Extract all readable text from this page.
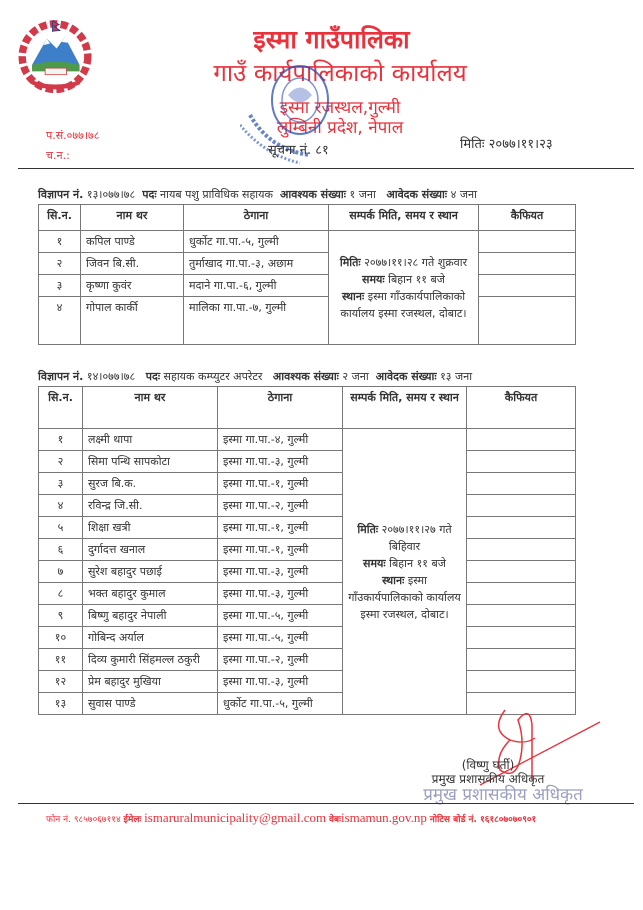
इस्मा गाउँपालिका
गाउँ कार्यपालिकाको कार्यालय
इस्मा रजस्थल,गुल्मी
लुम्बिनी प्रदेश, नेपाल
प.सं.०७७।७८
च.न.:	सूचना नं. ८१	मितिः २०७७।११।२३
विज्ञापन नं. १३।०७७।७८ पदः नायब पशु प्राविधिक सहायक आवश्यक संख्याः १ जना आवेदक संख्याः ४ जना
सि.न.	नाम थर	ठेगाना	सम्पर्क मिति, समय र स्थान	कैफियत
१	कपिल पाण्डे	धुर्कोट गा.पा.-५, गुल्मी	मितिः २०७७।११।२८ गते शुक्रवार
समयः बिहान ११ बजे
स्थानः इस्मा गाँउकार्यपालिकाको कार्यालय इस्मा रजस्थल, दोबाट।	
२	जिवन बि.सी.	तुर्माखाद गा.पा.-३, अछाम		
३	कृष्णा कुवंर	मदाने गा.पा.-६, गुल्मी		
४	गोपाल कार्की	मालिका गा.पा.-७, गुल्मी		
विज्ञापन नं. १४।०७७।७८ पदः सहायक कम्प्युटर अपरेटर आवश्यक संख्याः २ जना आवेदक संख्याः १३ जना
सि.न.	नाम थर	ठेगाना	सम्पर्क मिति, समय र स्थान	कैफियत
१	लक्ष्मी थापा	इस्मा गा.पा.-४, गुल्मी	मितिः २०७७।११।२७ गते बिहिवार
समयः बिहान ११ बजे
स्थानः इस्मा गाँउकार्यपालिकाको कार्यालय इस्मा रजस्थल, दोबाट।	
२	सिमा पन्थि सापकोटा	इस्मा गा.पा.-३, गुल्मी		
३	सुरज बि.क.	इस्मा गा.पा.-१, गुल्मी		
४	रविन्द्र जि.सी.	इस्मा गा.पा.-२, गुल्मी		
५	शिक्षा खत्री	इस्मा गा.पा.-१, गुल्मी		
६	दुर्गादत्त खनाल	इस्मा गा.पा.-१, गुल्मी		
७	सुरेश बहादुर पछाई	इस्मा गा.पा.-३, गुल्मी		
८	भक्त बहादुर कुमाल	इस्मा गा.पा.-३, गुल्मी		
९	बिष्णु बहादुर नेपाली	इस्मा गा.पा.-५, गुल्मी		
१०	गोबिन्द अर्याल	इस्मा गा.पा.-५, गुल्मी		
११	दिव्य कुमारी सिंहमल्ल ठकुरी	इस्मा गा.पा.-२, गुल्मी		
१२	प्रेम बहादुर मुखिया	इस्मा गा.पा.-३, गुल्मी		
१३	सुवास पाण्डे	धुर्कोट गा.पा.-५, गुल्मी		
(विष्णु घर्ती)
प्रमुख प्रशासकीय अधिकृत
प्रमुख प्रशासकीय अधिकृत
फोन नं. ९८५७०६७११४ ईमेलः ismaruralmunicipality@gmail.com वेबःismamun.gov.np नोटिस बोर्ड नं. १६१८०७०७०९०१
